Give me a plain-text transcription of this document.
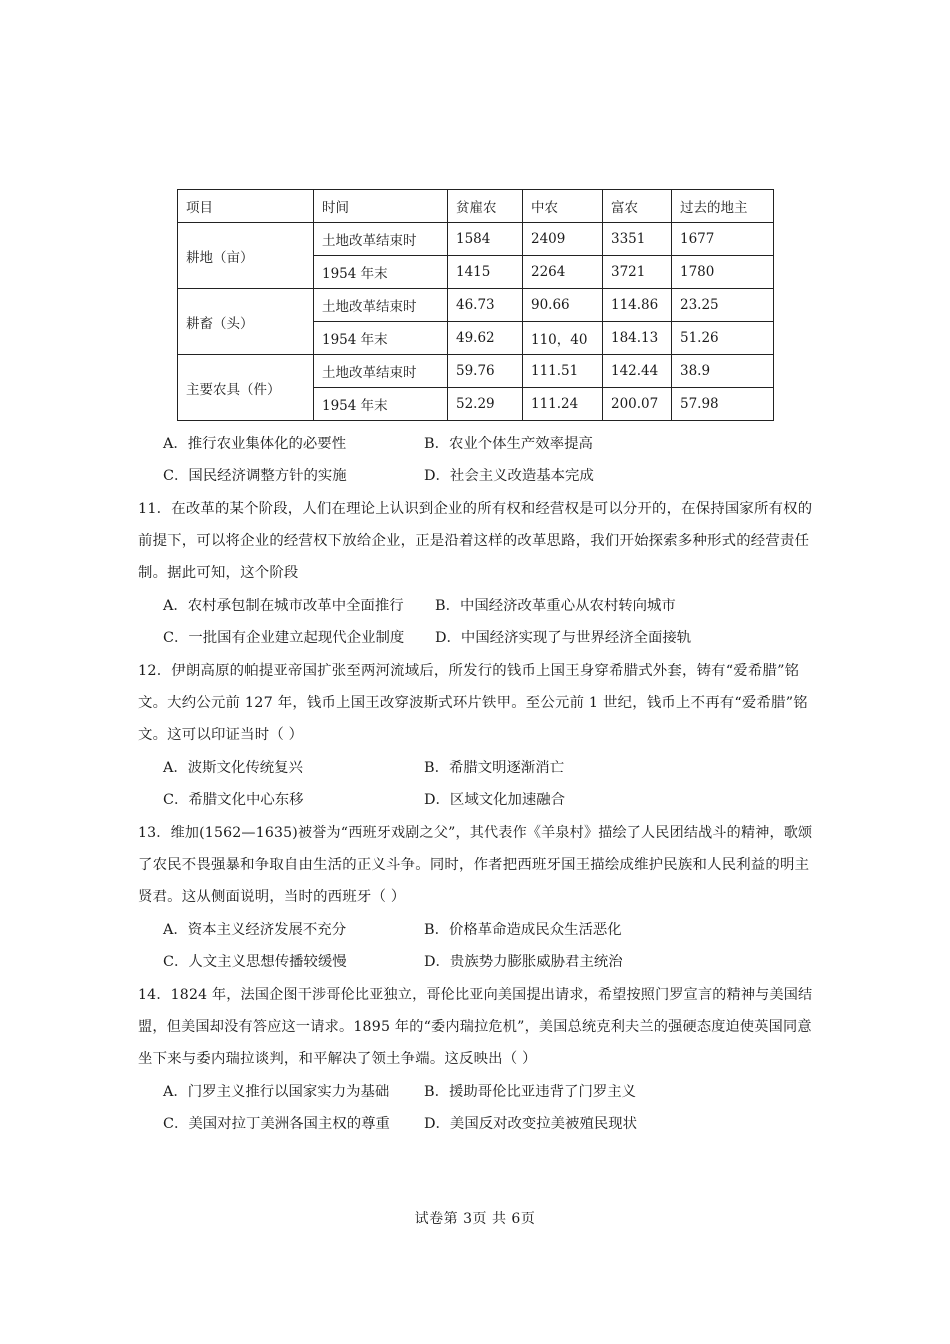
项目	时间	贫雇农	中农	富农	过去的地主
耕地（亩）	土地改革结束时	1584	2409	3351	1677
	1954 年末	1415	2264	3721	1780
耕畜（头）	土地改革结束时	46.73	90.66	114.86	23.25
	1954 年末	49.62	110，40	184.13	51.26
主要农具（件）	土地改革结束时	59.76	111.51	142.44	38.9
	1954 年末	52.29	111.24	200.07	57.98
A．推行农业集体化的必要性	B．农业个体生产效率提高
C．国民经济调整方针的实施	D．社会主义改造基本完成
11．在改革的某个阶段，人们在理论上认识到企业的所有权和经营权是可以分开的，在保持国家所有权的
前提下，可以将企业的经营权下放给企业，正是沿着这样的改革思路，我们开始探索多种形式的经营责任
制。据此可知，这个阶段
A．农村承包制在城市改革中全面推行 B．中国经济改革重心从农村转向城市
C．一批国有企业建立起现代企业制度 D．中国经济实现了与世界经济全面接轨
12．伊朗高原的帕提亚帝国扩张至两河流域后，所发行的钱币上国王身穿希腊式外套，铸有“爱希腊”铭
文。大约公元前 127 年，钱币上国王改穿波斯式环片铁甲。至公元前 1 世纪，钱币上不再有“爱希腊”铭
文。这可以印证当时（ ）
A．波斯文化传统复兴	B．希腊文明逐渐消亡
C．希腊文化中心东移	D．区域文化加速融合
13．维加(1562—1635)被誉为“西班牙戏剧之父”，其代表作《羊泉村》描绘了人民团结战斗的精神，歌颂
了农民不畏强暴和争取自由生活的正义斗争。同时，作者把西班牙国王描绘成维护民族和人民利益的明主
贤君。这从侧面说明，当时的西班牙（ ）
A．资本主义经济发展不充分	B．价格革命造成民众生活恶化
C．人文主义思想传播较缓慢	D．贵族势力膨胀威胁君主统治
14．1824 年，法国企图干涉哥伦比亚独立，哥伦比亚向美国提出请求，希望按照门罗宣言的精神与美国结
盟，但美国却没有答应这一请求。1895 年的“委内瑞拉危机”，美国总统克利夫兰的强硬态度迫使英国同意
坐下来与委内瑞拉谈判，和平解决了领土争端。这反映出（ ）
A．门罗主义推行以国家实力为基础 B．援助哥伦比亚违背了门罗主义
C．美国对拉丁美洲各国主权的尊重 D．美国反对改变拉美被殖民现状
试卷第 3页 共 6页
